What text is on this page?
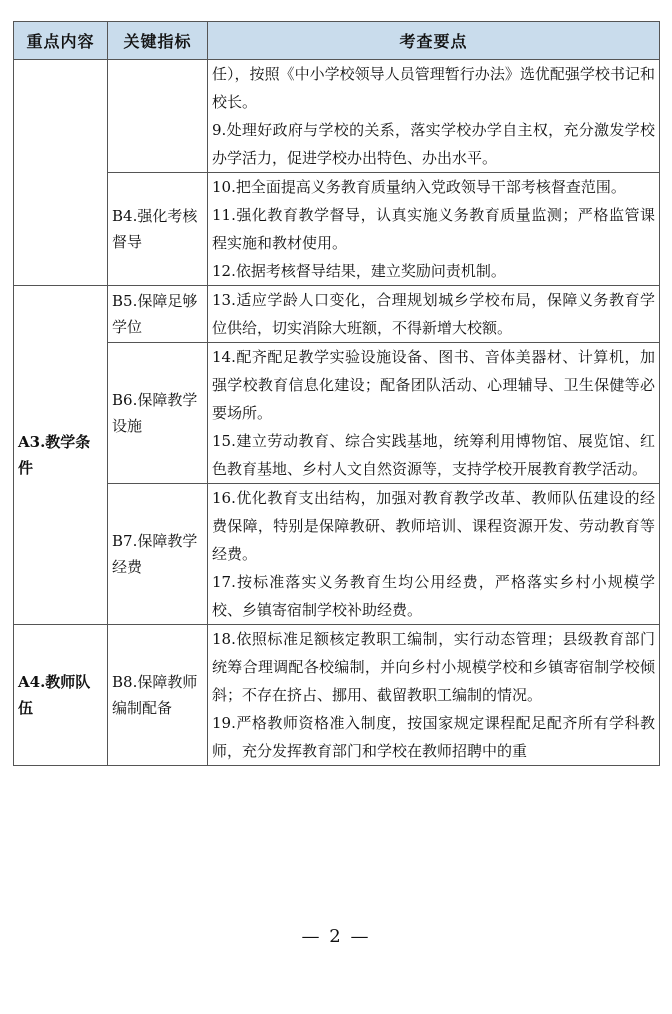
重点内容	关键指标	考查要点

		任），按照《中小学校领导人员管理暂行办法》选优配强学校书记和校长。

9.处理好政府与学校的关系，落实学校办学自主权，充分激发学校办学活力，促进学校办出特色、办出水平。

	B4.强化考核督导	10.把全面提高义务教育质量纳入党政领导干部考核督查范围。

11.强化教育教学督导，认真实施义务教育质量监测；严格监管课程实施和教材使用。

12.依据考核督导结果，建立奖励问责机制。

A3.教学条件	B5.保障足够学位	13.适应学龄人口变化，合理规划城乡学校布局，保障义务教育学位供给，切实消除大班额，不得新增大校额。

	B6.保障教学设施	14.配齐配足教学实验设施设备、图书、音体美器材、计算机，加强学校教育信息化建设；配备团队活动、心理辅导、卫生保健等必要场所。

15.建立劳动教育、综合实践基地，统筹利用博物馆、展览馆、红色教育基地、乡村人文自然资源等，支持学校开展教育教学活动。

	B7.保障教学经费	16.优化教育支出结构，加强对教育教学改革、教师队伍建设的经费保障，特别是保障教研、教师培训、课程资源开发、劳动教育等经费。

17.按标准落实义务教育生均公用经费，严格落实乡村小规模学校、乡镇寄宿制学校补助经费。

A4.教师队伍	B8.保障教师编制配备	18.依照标准足额核定教职工编制，实行动态管理；县级教育部门统筹合理调配各校编制，并向乡村小规模学校和乡镇寄宿制学校倾斜；不存在挤占、挪用、截留教职工编制的情况。

19.严格教师资格准入制度，按国家规定课程配足配齐所有学科教师，充分发挥教育部门和学校在教师招聘中的重

— 2 —
